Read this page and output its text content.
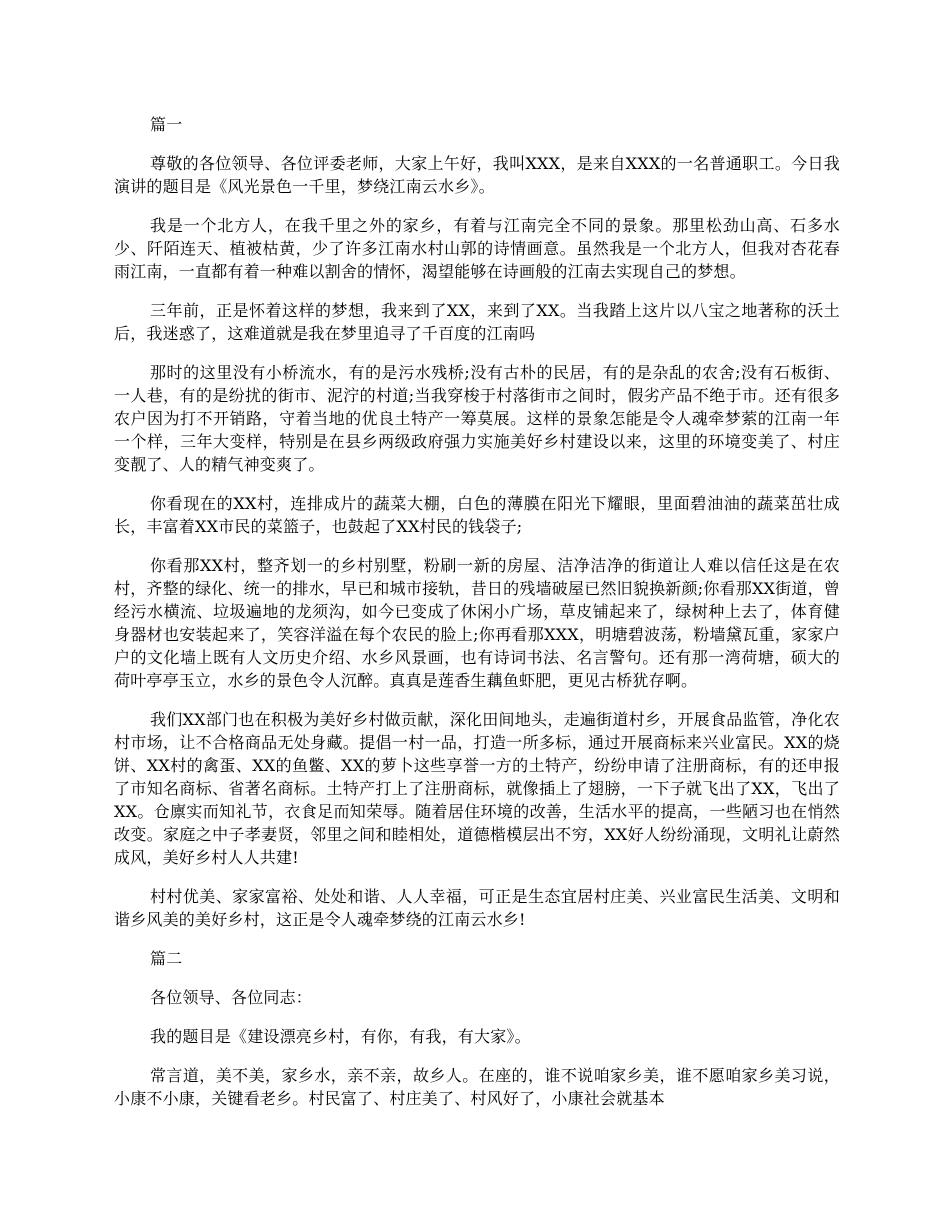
篇一

尊敬的各位领导、各位评委老师，大家上午好，我叫XXX，是来自XXX的一名普通职工。今日我演讲的题目是《风光景色一千里，梦绕江南云水乡》。

我是一个北方人，在我千里之外的家乡，有着与江南完全不同的景象。那里松劲山高、石多水少、阡陌连天、植被枯黄，少了许多江南水村山郭的诗情画意。虽然我是一个北方人，但我对杏花春雨江南，一直都有着一种难以割舍的情怀，渴望能够在诗画般的江南去实现自己的梦想。

三年前，正是怀着这样的梦想，我来到了XX，来到了XX。当我踏上这片以八宝之地著称的沃土后，我迷惑了，这难道就是我在梦里追寻了千百度的江南吗

那时的这里没有小桥流水，有的是污水残桥;没有古朴的民居，有的是杂乱的农舍;没有石板街、一人巷，有的是纷扰的街市、泥泞的村道;当我穿梭于村落街市之间时，假劣产品不绝于市。还有很多农户因为打不开销路，守着当地的优良土特产一筹莫展。这样的景象怎能是令人魂牵梦萦的江南一年一个样，三年大变样，特别是在县乡两级政府强力实施美好乡村建设以来，这里的环境变美了、村庄变靓了、人的精气神变爽了。

你看现在的XX村，连排成片的蔬菜大棚，白色的薄膜在阳光下耀眼，里面碧油油的蔬菜茁壮成长，丰富着XX市民的菜篮子，也鼓起了XX村民的钱袋子;

你看那XX村，整齐划一的乡村别墅，粉刷一新的房屋、洁净洁净的街道让人难以信任这是在农村，齐整的绿化、统一的排水，早已和城市接轨，昔日的残墙破屋已然旧貌换新颜;你看那XX街道，曾经污水横流、垃圾遍地的龙须沟，如今已变成了休闲小广场，草皮铺起来了，绿树种上去了，体育健身器材也安装起来了，笑容洋溢在每个农民的脸上;你再看那XXX，明塘碧波荡，粉墙黛瓦重，家家户户的文化墙上既有人文历史介绍、水乡风景画，也有诗词书法、名言警句。还有那一湾荷塘，硕大的荷叶亭亭玉立，水乡的景色令人沉醉。真真是莲香生藕鱼虾肥，更见古桥犹存啊。

我们XX部门也在积极为美好乡村做贡献，深化田间地头，走遍街道村乡，开展食品监管，净化农村市场，让不合格商品无处身藏。提倡一村一品，打造一所多标，通过开展商标来兴业富民。XX的烧饼、XX村的禽蛋、XX的鱼鳖、XX的萝卜这些享誉一方的土特产，纷纷申请了注册商标，有的还申报了市知名商标、省著名商标。土特产打上了注册商标，就像插上了翅膀，一下子就飞出了XX，飞出了XX。仓廪实而知礼节，衣食足而知荣辱。随着居住环境的改善，生活水平的提高，一些陋习也在悄然改变。家庭之中子孝妻贤，邻里之间和睦相处，道德楷模层出不穷，XX好人纷纷涌现，文明礼让蔚然成风，美好乡村人人共建!

村村优美、家家富裕、处处和谐、人人幸福，可正是生态宜居村庄美、兴业富民生活美、文明和谐乡风美的美好乡村，这正是令人魂牵梦绕的江南云水乡!

篇二

各位领导、各位同志：

我的题目是《建设漂亮乡村，有你，有我，有大家》。

常言道，美不美，家乡水，亲不亲，故乡人。在座的，谁不说咱家乡美，谁不愿咱家乡美习说，小康不小康，关键看老乡。村民富了、村庄美了、村风好了，小康社会就基本
